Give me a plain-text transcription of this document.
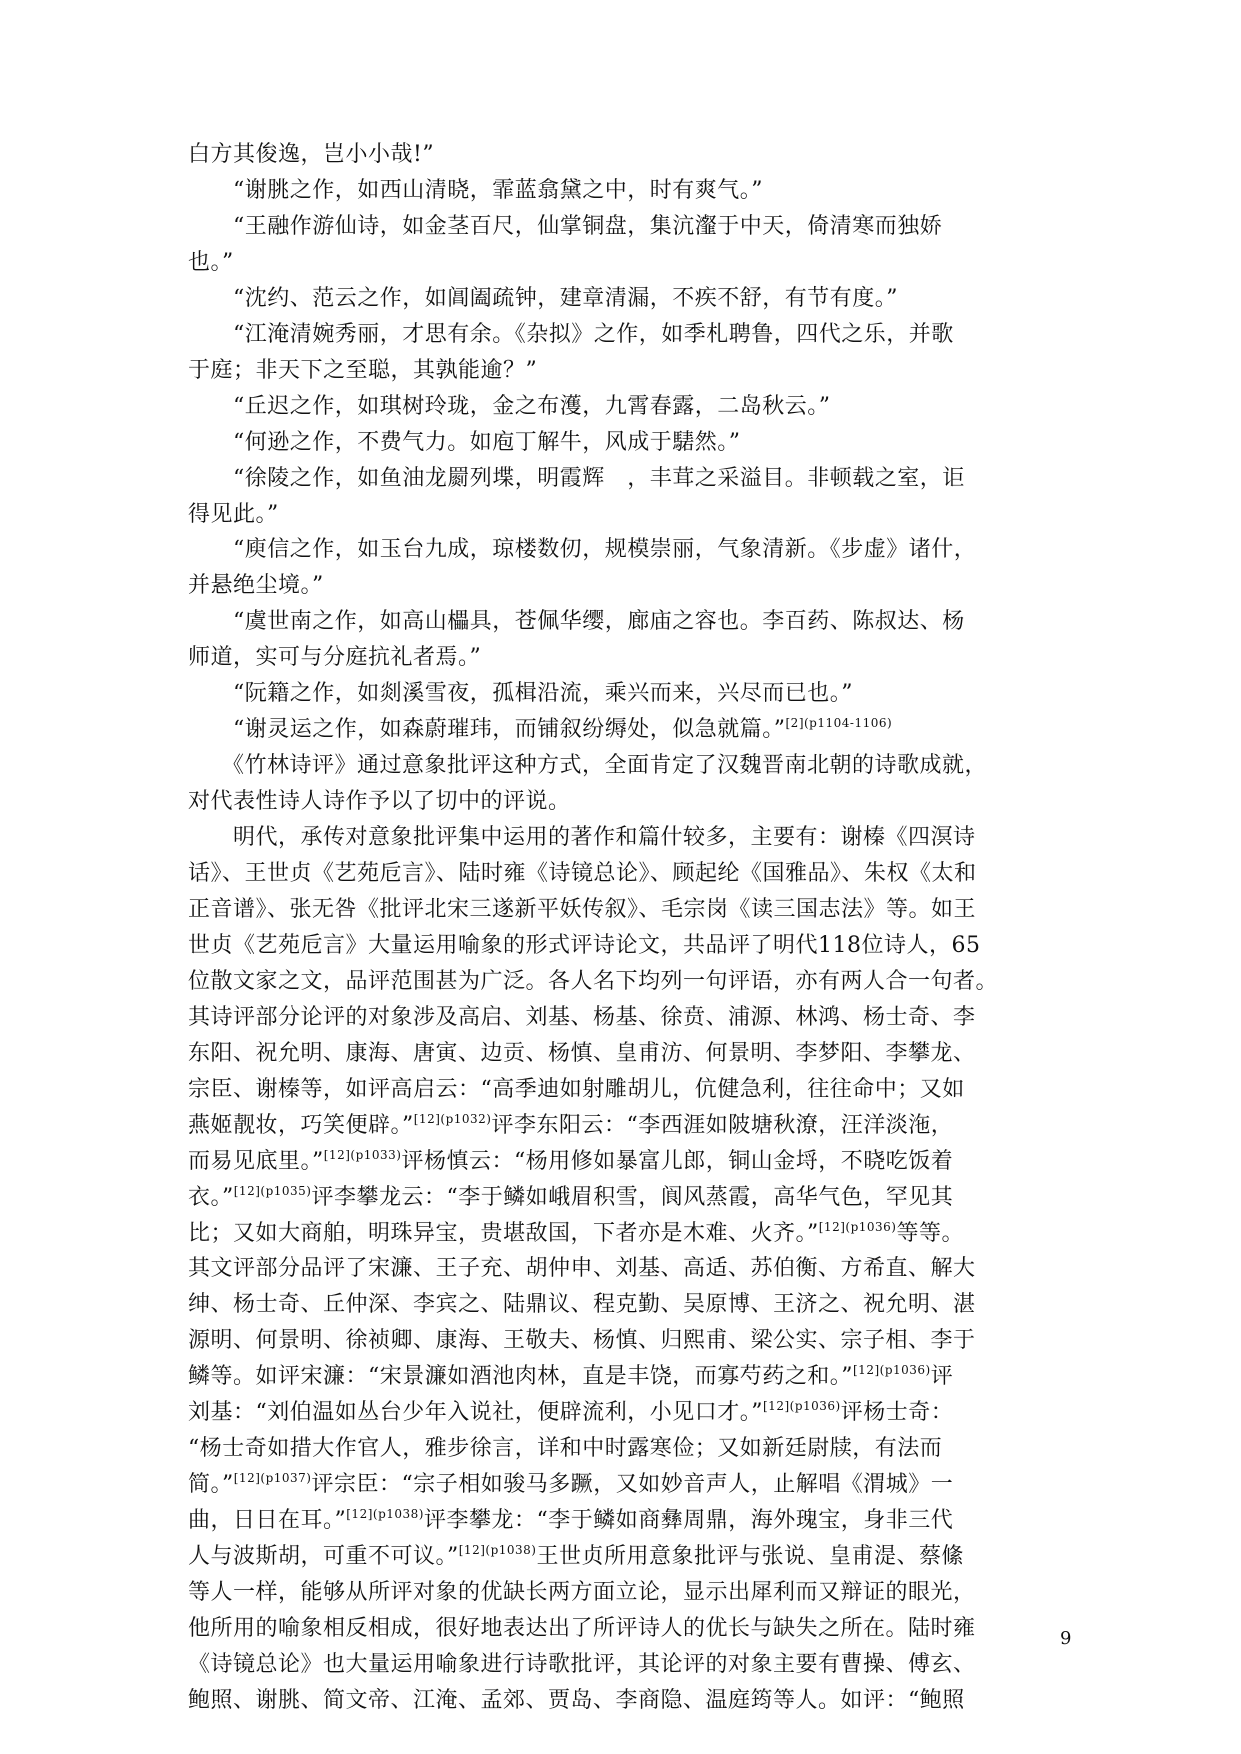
白方其俊逸，岂小小哉!”
　　“谢朓之作，如西山清晓，霏蓝翕黛之中，时有爽气。”
　　“王融作游仙诗，如金茎百尺，仙掌铜盘，集沆瀣于中天，倚清寒而独娇
也。”
　　“沈约、范云之作，如阊阖疏钟，建章清漏，不疾不舒，有节有度。”
　　“江淹清婉秀丽，才思有余。《杂拟》之作，如季札聘鲁，四代之乐，并歌
于庭；非天下之至聪，其孰能逾？”
　　“丘迟之作，如琪树玲珑，金之布濩，九霄春露，二岛秋云。”
　　“何逊之作，不费气力。如庖丁解牛，风成于騞然。”
　　“徐陵之作，如鱼油龙罽列堞，明霞辉　，丰茸之采溢目。非顿载之室，讵
得见此。”
　　“庾信之作，如玉台九成，琼楼数仞，规模崇丽，气象清新。《步虚》诸什，
并悬绝尘境。”
　　“虞世南之作，如高山櫑具，苍佩华缨，廊庙之容也。李百药、陈叔达、杨
师道，实可与分庭抗礼者焉。”
　　“阮籍之作，如剡溪雪夜，孤楫沿流，乘兴而来，兴尽而已也。”
　　“谢灵运之作，如森蔚璀玮，而铺叙纷缛处，似急就篇。”$^{[2](p1104-1106)}$
　　《竹林诗评》通过意象批评这种方式，全面肯定了汉魏晋南北朝的诗歌成就，
对代表性诗人诗作予以了切中的评说。
　　明代，承传对意象批评集中运用的著作和篇什较多，主要有：谢榛《四溟诗
话》、王世贞《艺苑卮言》、陆时雍《诗镜总论》、顾起纶《国雅品》、朱权《太和
正音谱》、张无咎《批评北宋三遂新平妖传叙》、毛宗岗《读三国志法》等。如王
世贞《艺苑卮言》大量运用喻象的形式评诗论文，共品评了明代118位诗人，65
位散文家之文，品评范围甚为广泛。各人名下均列一句评语，亦有两人合一句者。
其诗评部分论评的对象涉及高启、刘基、杨基、徐贲、浦源、林鸿、杨士奇、李
东阳、祝允明、康海、唐寅、边贡、杨慎、皇甫汸、何景明、李梦阳、李攀龙、
宗臣、谢榛等，如评高启云：“高季迪如射雕胡儿，伉健急利，往往命中；又如
燕姬靓妆，巧笑便辟。”$^{[12](p1032)}$评李东阳云：“李西涯如陂塘秋潦，汪洋淡沲，
而易见底里。”$^{[12](p1033)}$评杨慎云：“杨用修如暴富儿郎，铜山金埒，不晓吃饭着
衣。”$^{[12](p1035)}$评李攀龙云：“李于鳞如峨眉积雪，阆风蒸霞，高华气色，罕见其
比；又如大商舶，明珠异宝，贵堪敌国，下者亦是木难、火齐。”$^{[12](p1036)}$等等。
其文评部分品评了宋濂、王子充、胡仲申、刘基、高适、苏伯衡、方希直、解大
绅、杨士奇、丘仲深、李宾之、陆鼎议、程克勤、吴原博、王济之、祝允明、湛
源明、何景明、徐祯卿、康海、王敬夫、杨慎、归熙甫、梁公实、宗子相、李于
鳞等。如评宋濂：“宋景濂如酒池肉林，直是丰饶，而寡芍药之和。”$^{[12](p1036)}$评
刘基：“刘伯温如丛台少年入说社，便辟流利，小见口才。”$^{[12](p1036)}$评杨士奇：
“杨士奇如措大作官人，雅步徐言，详和中时露寒俭；又如新廷尉牍，有法而
简。”$^{[12](p1037)}$评宗臣：“宗子相如骏马多蹶，又如妙音声人，止解唱《渭城》一
曲，日日在耳。”$^{[12](p1038)}$评李攀龙：“李于鳞如商彝周鼎，海外瑰宝，身非三代
人与波斯胡，可重不可议。”$^{[12](p1038)}$王世贞所用意象批评与张说、皇甫湜、蔡絛
等人一样，能够从所评对象的优缺长两方面立论，显示出犀利而又辩证的眼光，
他所用的喻象相反相成，很好地表达出了所评诗人的优长与缺失之所在。陆时雍
《诗镜总论》也大量运用喻象进行诗歌批评，其论评的对象主要有曹操、傅玄、
鲍照、谢朓、简文帝、江淹、孟郊、贾岛、李商隐、温庭筠等人。如评：“鲍照
9
